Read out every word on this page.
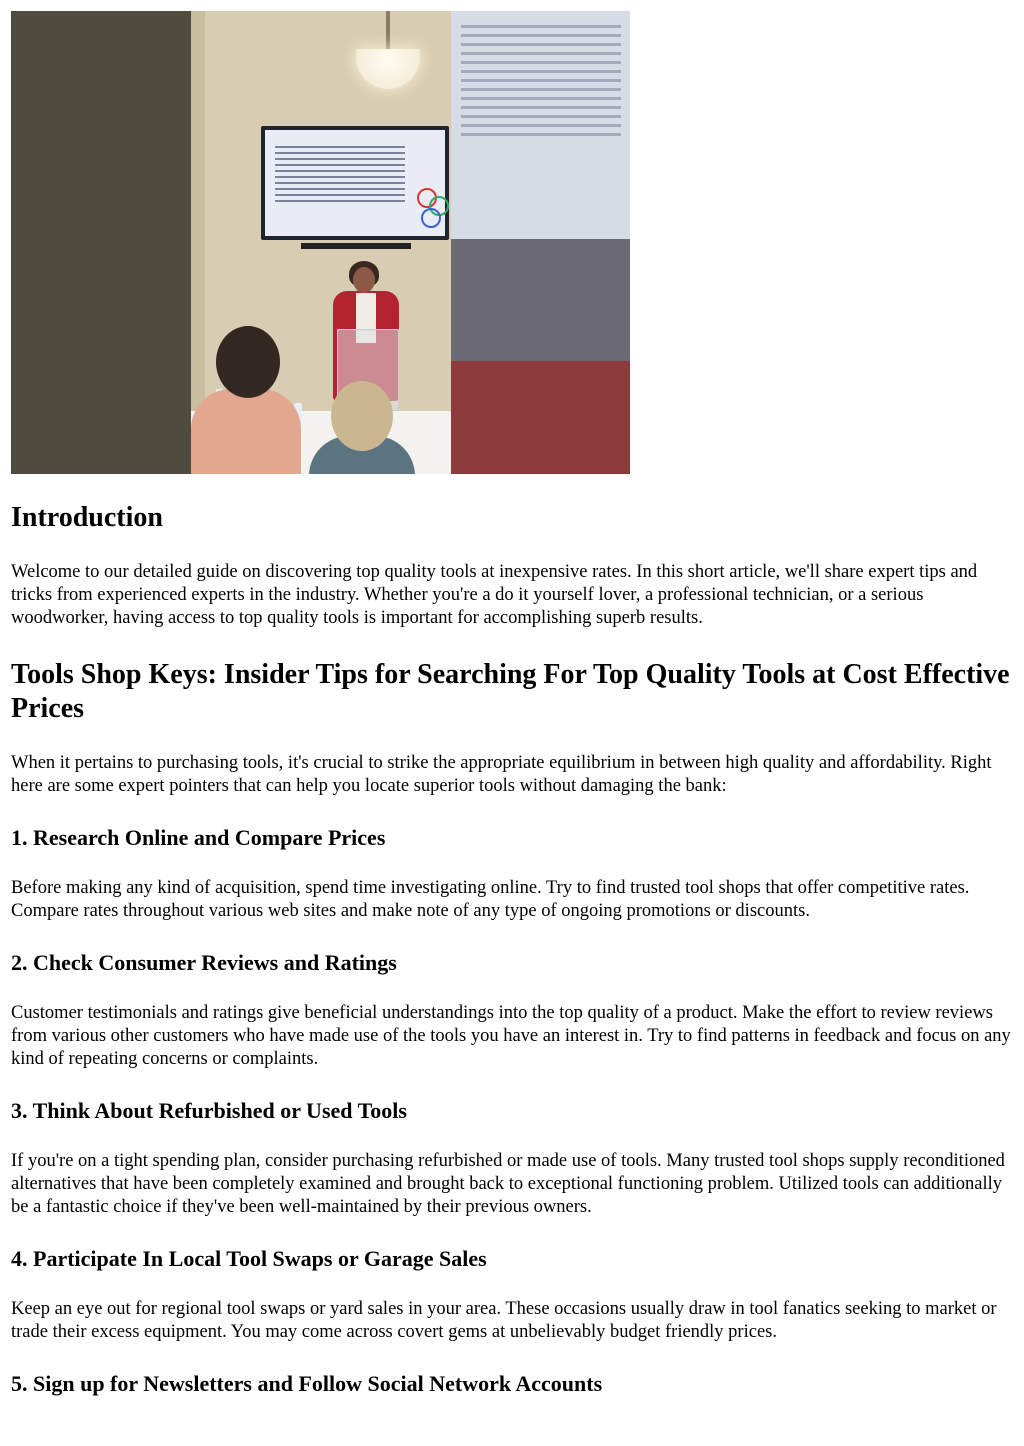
Introduction

Welcome to our detailed guide on discovering top quality tools at inexpensive rates. In this short article, we'll share expert tips and tricks from experienced experts in the industry. Whether you're a do it yourself lover, a professional technician, or a serious woodworker, having access to top quality tools is important for accomplishing superb results.

Tools Shop Keys: Insider Tips for Searching For Top Quality Tools at Cost Effective Prices

When it pertains to purchasing tools, it's crucial to strike the appropriate equilibrium in between high quality and affordability. Right here are some expert pointers that can help you locate superior tools without damaging the bank:

1. Research Online and Compare Prices

Before making any kind of acquisition, spend time investigating online. Try to find trusted tool shops that offer competitive rates. Compare rates throughout various web sites and make note of any type of ongoing promotions or discounts.

2. Check Consumer Reviews and Ratings

Customer testimonials and ratings give beneficial understandings into the top quality of a product. Make the effort to review reviews from various other customers who have made use of the tools you have an interest in. Try to find patterns in feedback and focus on any kind of repeating concerns or complaints.

3. Think About Refurbished or Used Tools

If you're on a tight spending plan, consider purchasing refurbished or made use of tools. Many trusted tool shops supply reconditioned alternatives that have been completely examined and brought back to exceptional functioning problem. Utilized tools can additionally be a fantastic choice if they've been well-maintained by their previous owners.

4. Participate In Local Tool Swaps or Garage Sales

Keep an eye out for regional tool swaps or yard sales in your area. These occasions usually draw in tool fanatics seeking to market or trade their excess equipment. You may come across covert gems at unbelievably budget friendly prices.

5. Sign up for Newsletters and Follow Social Network Accounts
